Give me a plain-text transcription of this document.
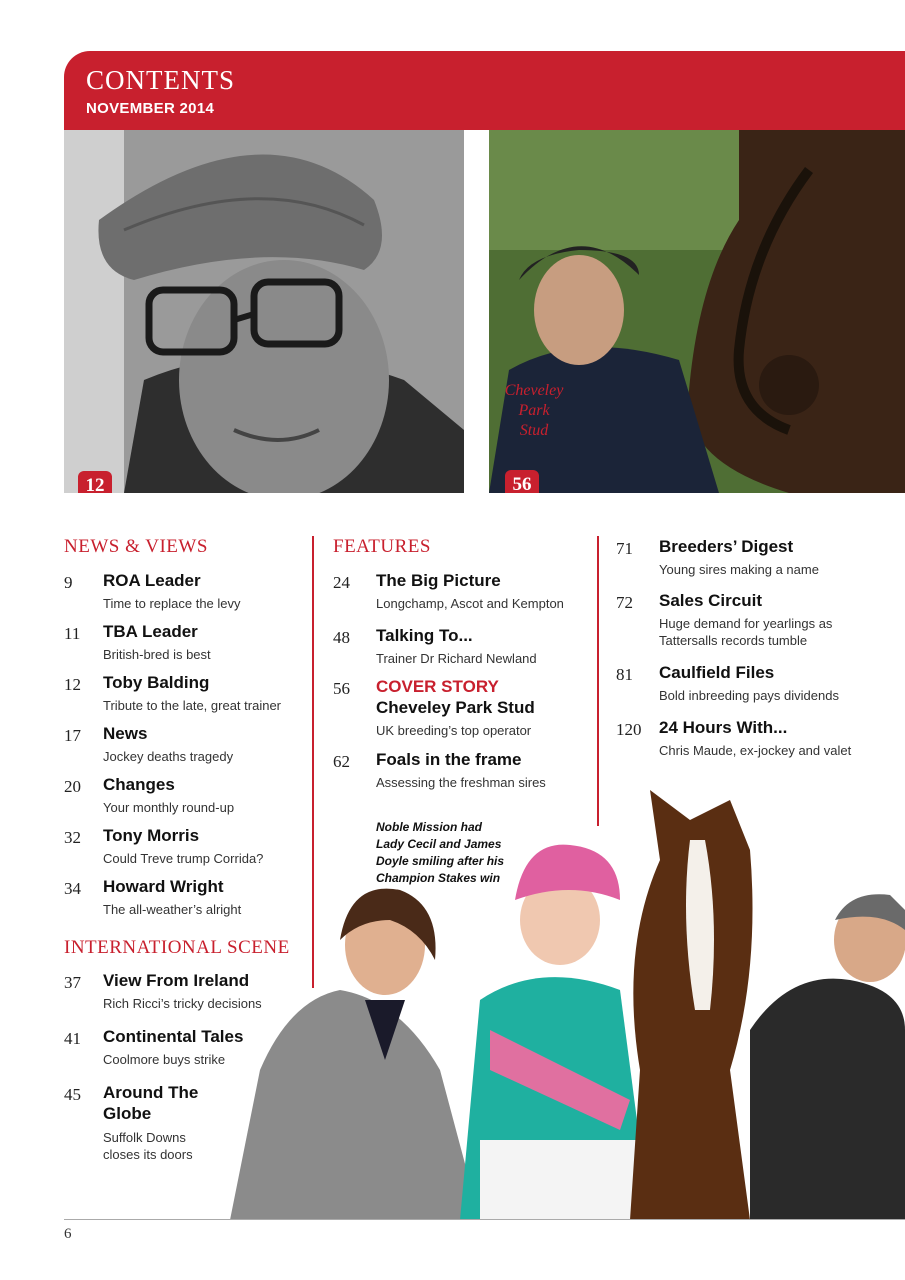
CONTENTS
NOVEMBER 2014
12	56
Cheveley
Park
Stud
NEWS & VIEWS
9 ROA Leader
Time to replace the levy
11 TBA Leader
British-bred is best
12 Toby Balding
Tribute to the late, great trainer
17 News
Jockey deaths tragedy
20 Changes
Your monthly round-up
32 Tony Morris
Could Treve trump Corrida?
34 Howard Wright
The all-weather’s alright
INTERNATIONAL SCENE
37 View From Ireland
Rich Ricci’s tricky decisions
41 Continental Tales
Coolmore buys strike
45 Around The
Globe
Suffolk Downs
closes its doors
FEATURES
24 The Big Picture
Longchamp, Ascot and Kempton
48 Talking To...
Trainer Dr Richard Newland
56 COVER STORY
Cheveley Park Stud
UK breeding’s top operator
62 Foals in the frame
Assessing the freshman sires
Noble Mission had
Lady Cecil and James
Doyle smiling after his
Champion Stakes win
71 Breeders’ Digest
Young sires making a name
72 Sales Circuit
Huge demand for yearlings as
Tattersalls records tumble
81 Caulfield Files
Bold inbreeding pays dividends
120 24 Hours With...
Chris Maude, ex-jockey and valet
6
